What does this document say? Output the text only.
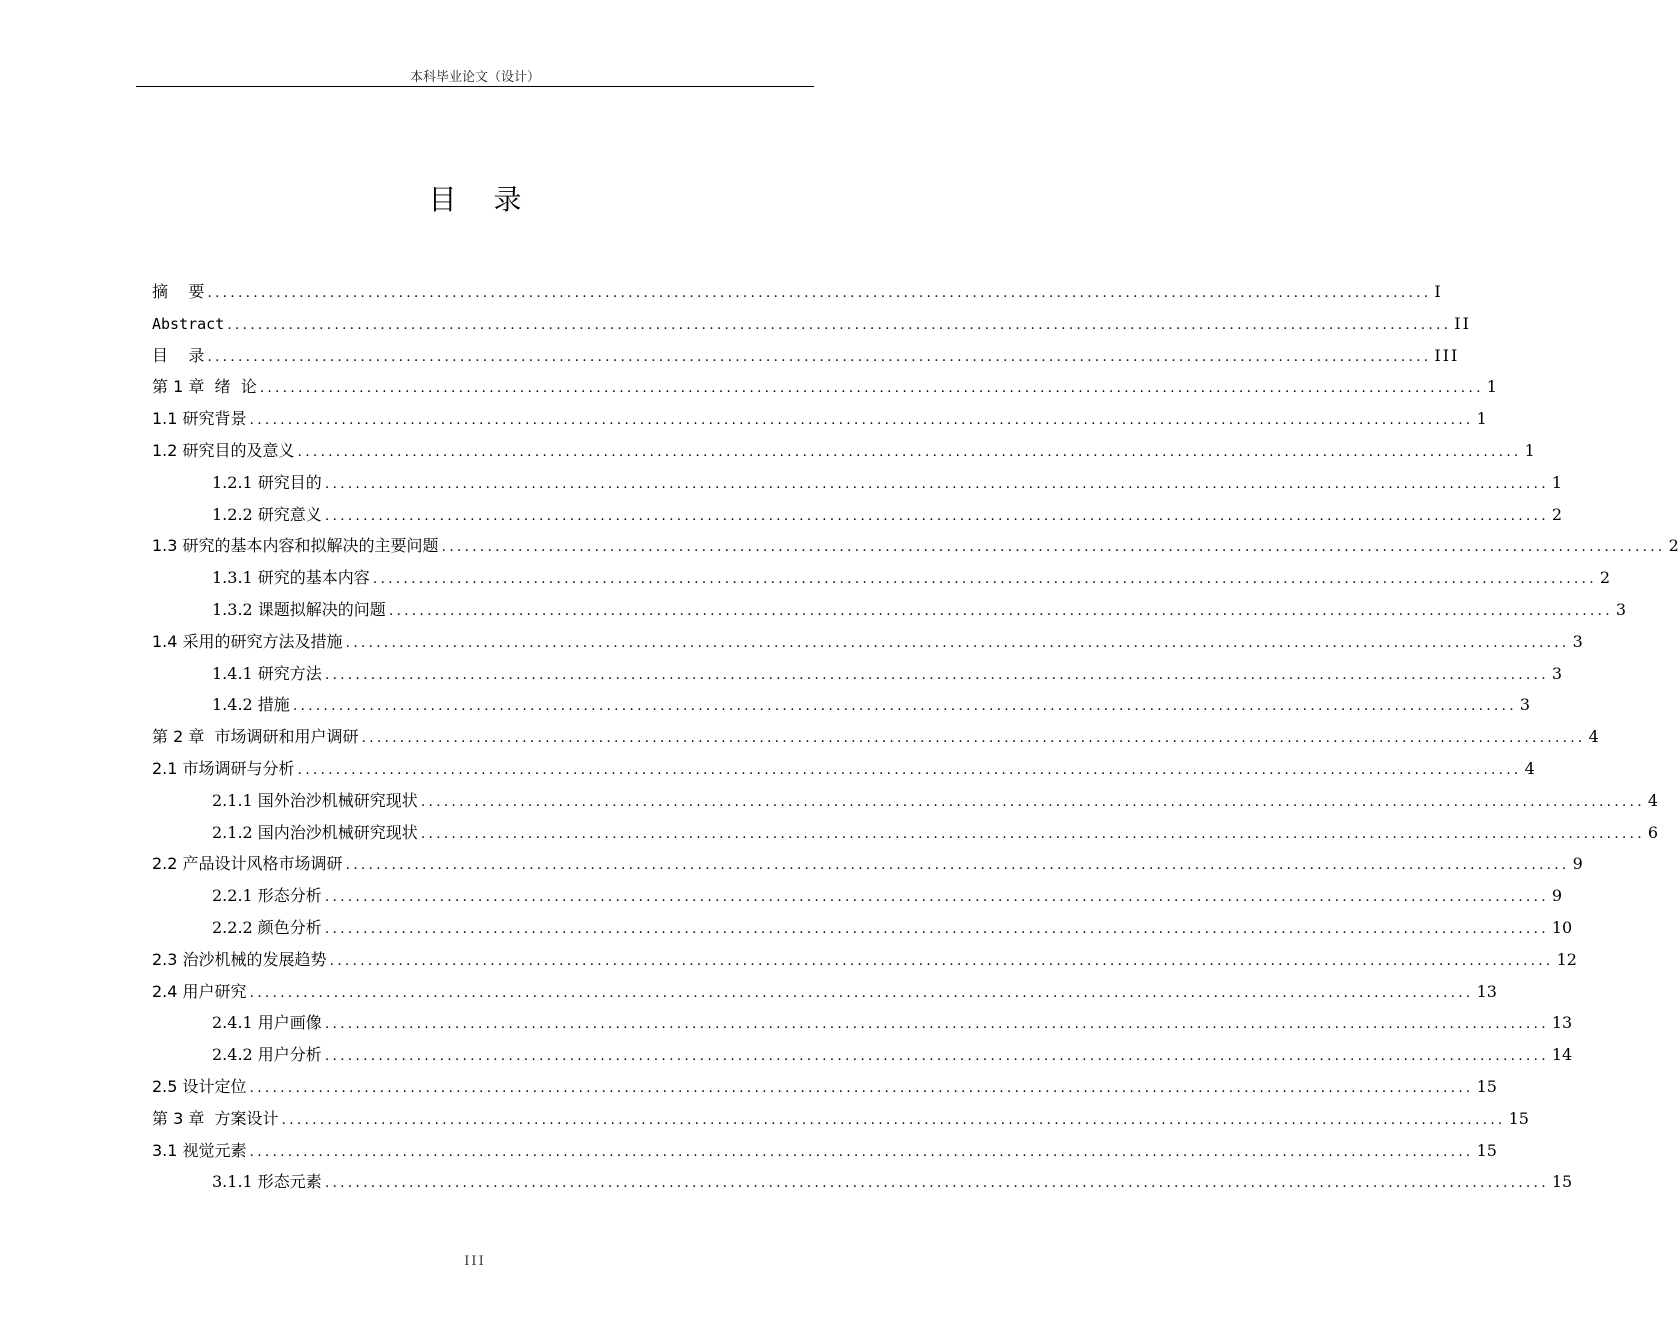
本科毕业论文（设计）
目 录
摘    要 ................................................................................................................................................................ I
Abstract ................................................................................................................................................................ II
目    录 ................................................................................................................................................................ III
第 1 章  绪  论 ................................................................................................................................................................ 1
1.1 研究背景 ................................................................................................................................................................ 1
1.2 研究目的及意义 ................................................................................................................................................................ 1
1.2.1 研究目的 ................................................................................................................................................................ 1
1.2.2 研究意义 ................................................................................................................................................................ 2
1.3 研究的基本内容和拟解决的主要问题 ................................................................................................................................................................ 2
1.3.1 研究的基本内容 ................................................................................................................................................................ 2
1.3.2 课题拟解决的问题 ................................................................................................................................................................ 3
1.4 采用的研究方法及措施 ................................................................................................................................................................ 3
1.4.1 研究方法 ................................................................................................................................................................ 3
1.4.2 措施 ................................................................................................................................................................ 3
第 2 章  市场调研和用户调研 ................................................................................................................................................................ 4
2.1 市场调研与分析 ................................................................................................................................................................ 4
2.1.1 国外治沙机械研究现状 ................................................................................................................................................................ 4
2.1.2 国内治沙机械研究现状 ................................................................................................................................................................ 6
2.2 产品设计风格市场调研 ................................................................................................................................................................ 9
2.2.1 形态分析 ................................................................................................................................................................ 9
2.2.2 颜色分析 ................................................................................................................................................................ 10
2.3 治沙机械的发展趋势 ................................................................................................................................................................ 12
2.4 用户研究 ................................................................................................................................................................ 13
2.4.1 用户画像 ................................................................................................................................................................ 13
2.4.2 用户分析 ................................................................................................................................................................ 14
2.5 设计定位 ................................................................................................................................................................ 15
第 3 章  方案设计 ................................................................................................................................................................ 15
3.1 视觉元素 ................................................................................................................................................................ 15
3.1.1 形态元素 ................................................................................................................................................................ 15
III
